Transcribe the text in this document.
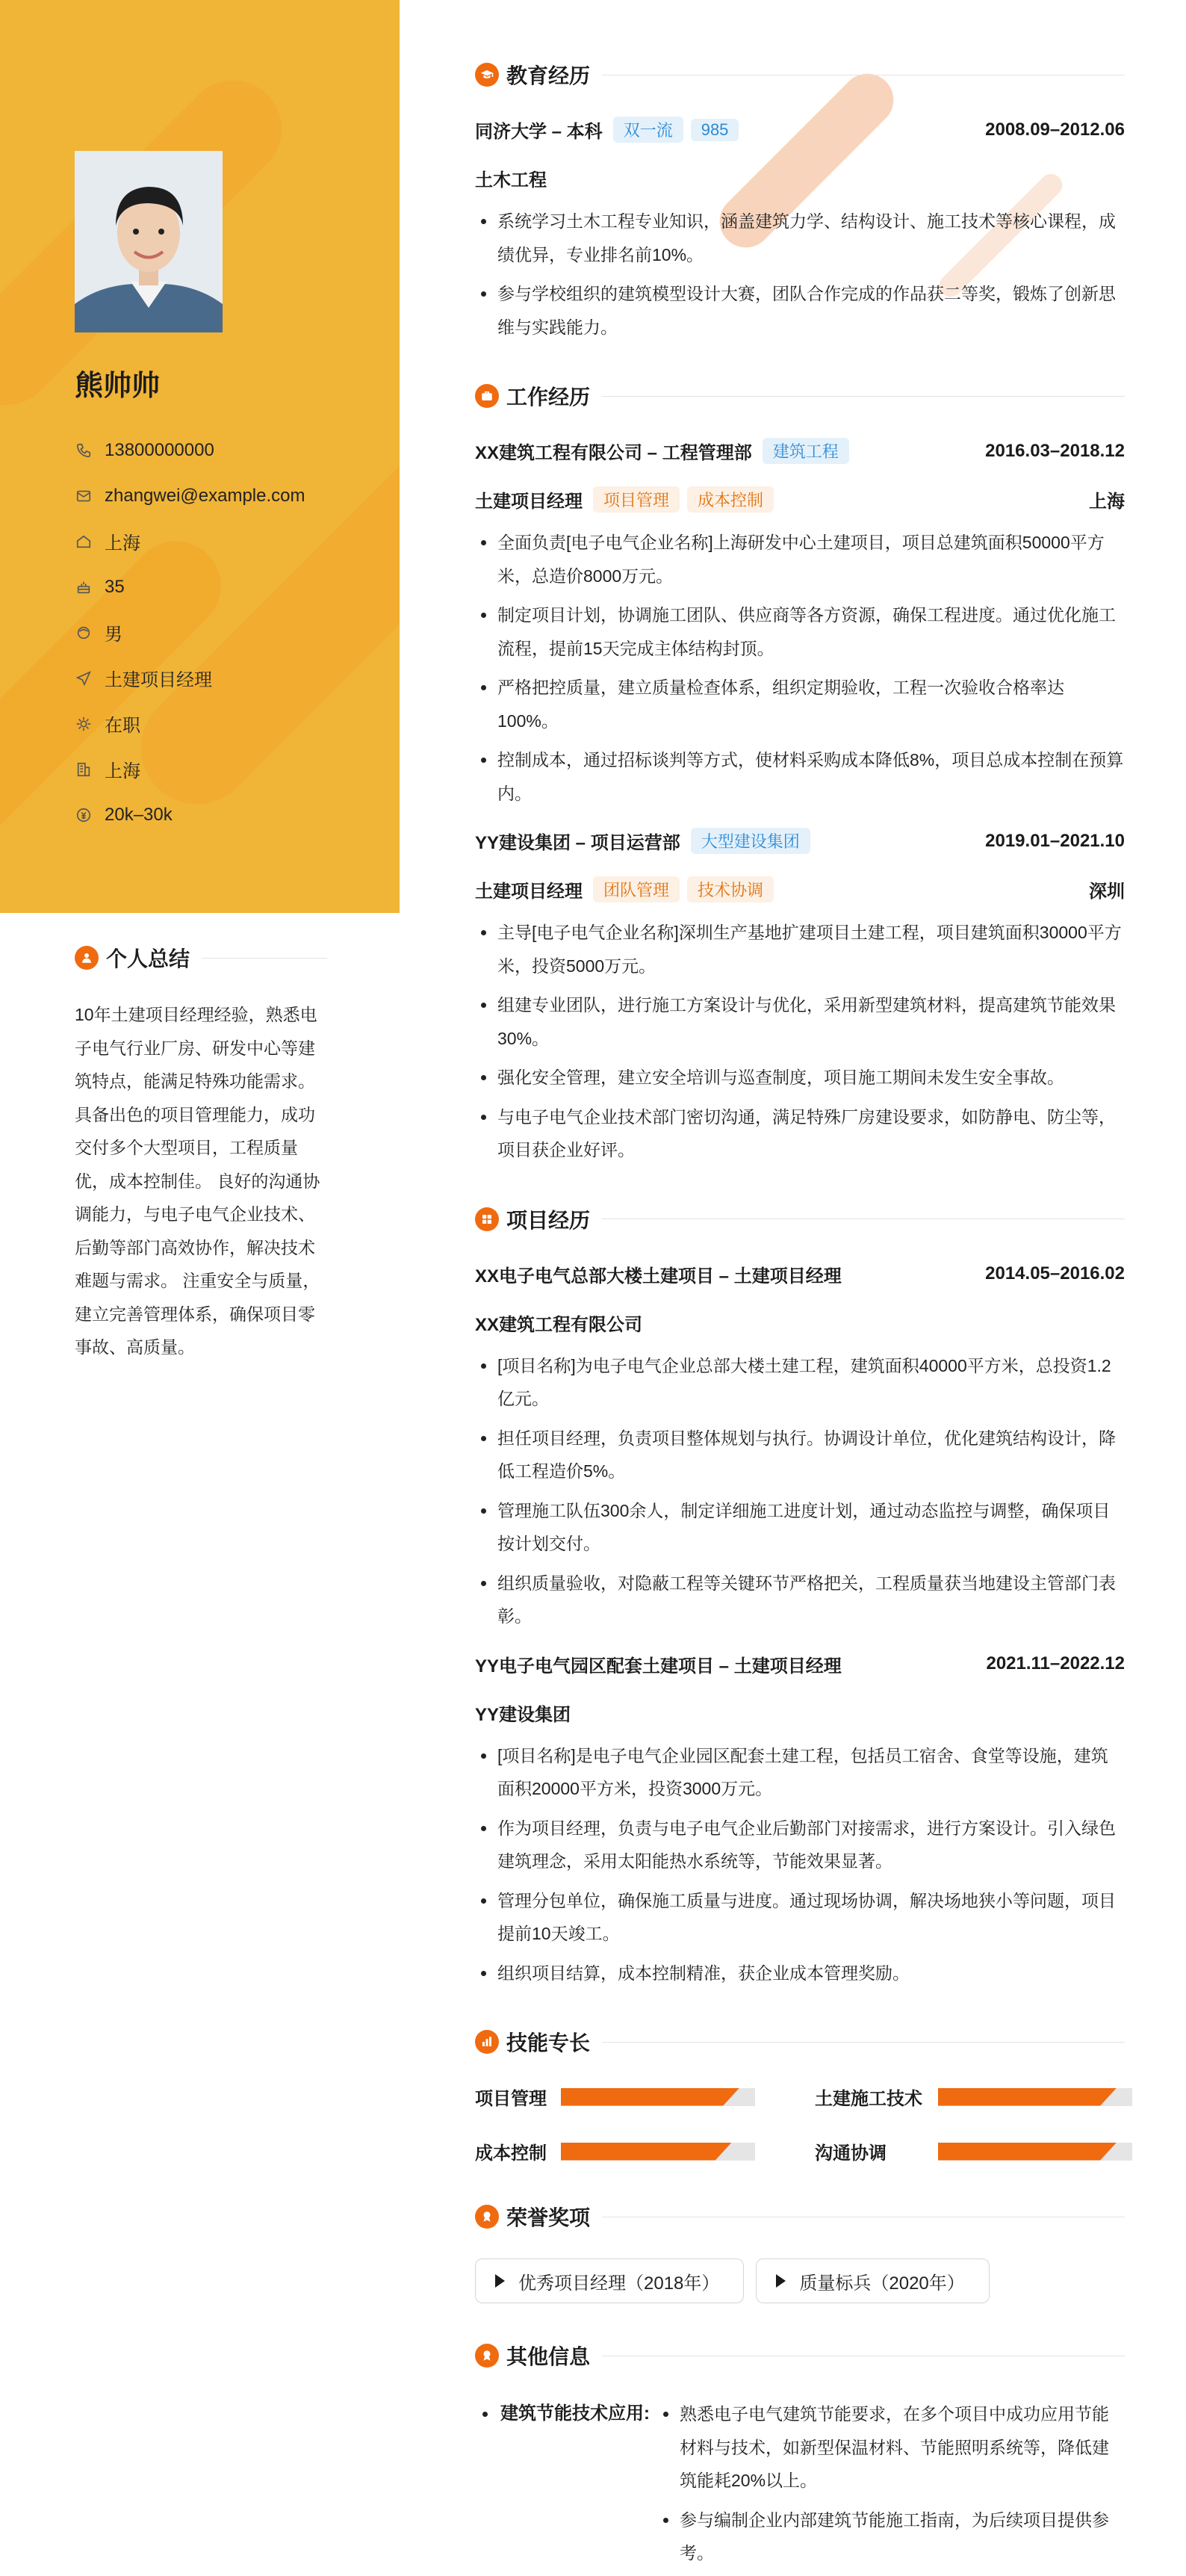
熊帅帅
13800000000
zhangwei@example.com
上海
35
男
土建项目经理
在职
上海
20k–30k
个人总结
10年土建项目经理经验，熟悉电子电气行业厂房、研发中心等建筑特点，能满足特殊功能需求。 具备出色的项目管理能力，成功交付多个大型项目，工程质量优，成本控制佳。 良好的沟通协调能力，与电子电气企业技术、后勤等部门高效协作，解决技术难题与需求。 注重安全与质量，建立完善管理体系，确保项目零事故、高质量。
教育经历
同济大学 – 本科	双一流	985	2008.09–2012.06
土木工程
系统学习土木工程专业知识，涵盖建筑力学、结构设计、施工技术等核心课程，成绩优异，专业排名前10%。
参与学校组织的建筑模型设计大赛，团队合作完成的作品获二等奖，锻炼了创新思维与实践能力。
工作经历
XX建筑工程有限公司 – 工程管理部	建筑工程	2016.03–2018.12
土建项目经理	项目管理	成本控制	上海
全面负责[电子电气企业名称]上海研发中心土建项目，项目总建筑面积50000平方米，总造价8000万元。
制定项目计划，协调施工团队、供应商等各方资源，确保工程进度。通过优化施工流程，提前15天完成主体结构封顶。
严格把控质量，建立质量检查体系，组织定期验收，工程一次验收合格率达100%。
控制成本，通过招标谈判等方式，使材料采购成本降低8%，项目总成本控制在预算内。
YY建设集团 – 项目运营部	大型建设集团	2019.01–2021.10
土建项目经理	团队管理	技术协调	深圳
主导[电子电气企业名称]深圳生产基地扩建项目土建工程，项目建筑面积30000平方米，投资5000万元。
组建专业团队，进行施工方案设计与优化，采用新型建筑材料，提高建筑节能效果30%。
强化安全管理，建立安全培训与巡查制度，项目施工期间未发生安全事故。
与电子电气企业技术部门密切沟通，满足特殊厂房建设要求，如防静电、防尘等，项目获企业好评。
项目经历
XX电子电气总部大楼土建项目 – 土建项目经理	2014.05–2016.02
XX建筑工程有限公司
[项目名称]为电子电气企业总部大楼土建工程，建筑面积40000平方米，总投资1.2亿元。
担任项目经理，负责项目整体规划与执行。协调设计单位，优化建筑结构设计，降低工程造价5%。
管理施工队伍300余人，制定详细施工进度计划，通过动态监控与调整，确保项目按计划交付。
组织质量验收，对隐蔽工程等关键环节严格把关，工程质量获当地建设主管部门表彰。
YY电子电气园区配套土建项目 – 土建项目经理	2021.11–2022.12
YY建设集团
[项目名称]是电子电气企业园区配套土建工程，包括员工宿舍、食堂等设施，建筑面积20000平方米，投资3000万元。
作为项目经理，负责与电子电气企业后勤部门对接需求，进行方案设计。引入绿色建筑理念，采用太阳能热水系统等，节能效果显著。
管理分包单位，确保施工质量与进度。通过现场协调，解决场地狭小等问题，项目提前10天竣工。
组织项目结算，成本控制精准，获企业成本管理奖励。
技能专长
项目管理	土建施工技术
成本控制	沟通协调
荣誉奖项
优秀项目经理（2018年）	质量标兵（2020年）
其他信息
建筑节能技术应用:	熟悉电子电气建筑节能要求，在多个项目中成功应用节能材料与技术，如新型保温材料、节能照明系统等，降低建筑能耗20%以上。
参与编制企业内部建筑节能施工指南，为后续项目提供参考。
